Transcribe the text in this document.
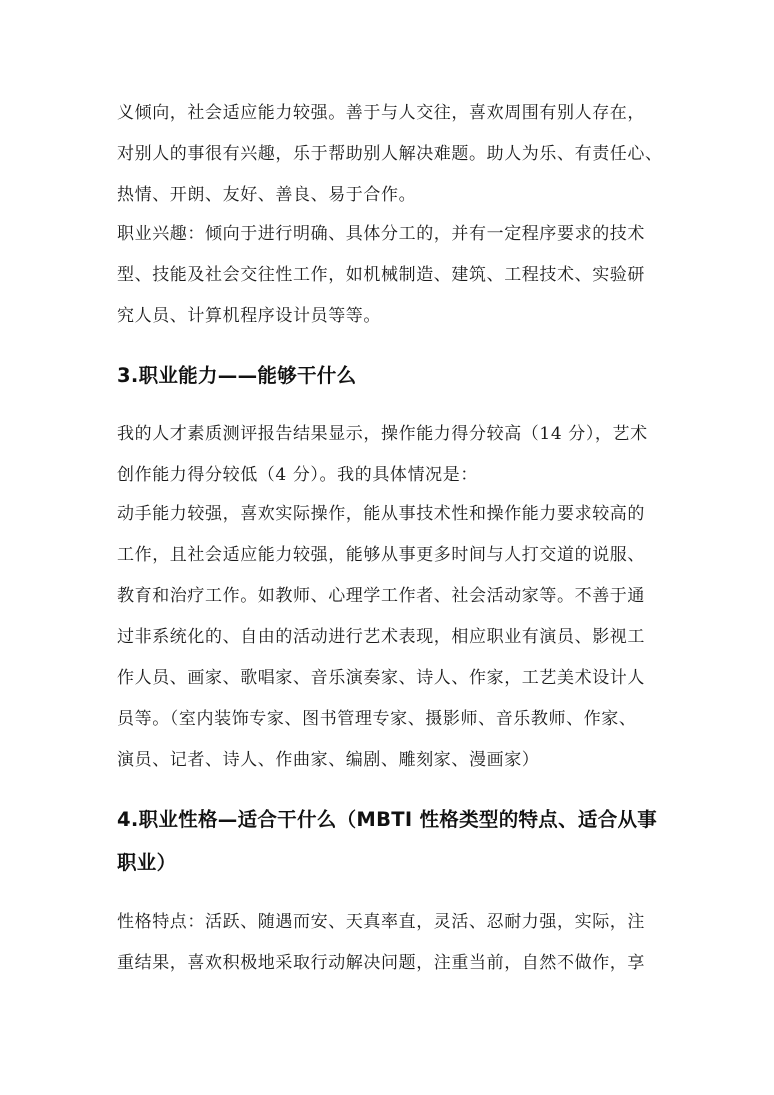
义倾向，社会适应能力较强。善于与人交往，喜欢周围有别人存在，
对别人的事很有兴趣，乐于帮助别人解决难题。助人为乐、有责任心、
热情、开朗、友好、善良、易于合作。
职业兴趣：倾向于进行明确、具体分工的，并有一定程序要求的技术
型、技能及社会交往性工作，如机械制造、建筑、工程技术、实验研
究人员、计算机程序设计员等等。
3.职业能力——能够干什么
我的人才素质测评报告结果显示，操作能力得分较高（14 分），艺术
创作能力得分较低（4 分）。我的具体情况是：
动手能力较强，喜欢实际操作，能从事技术性和操作能力要求较高的
工作，且社会适应能力较强，能够从事更多时间与人打交道的说服、
教育和治疗工作。如教师、心理学工作者、社会活动家等。不善于通
过非系统化的、自由的活动进行艺术表现，相应职业有演员、影视工
作人员、画家、歌唱家、音乐演奏家、诗人、作家，工艺美术设计人
员等。（室内装饰专家、图书管理专家、摄影师、音乐教师、作家、
演员、记者、诗人、作曲家、编剧、雕刻家、漫画家）
4.职业性格—适合干什么（MBTI 性格类型的特点、适合从事
职业）
性格特点：活跃、随遇而安、天真率直，灵活、忍耐力强，实际，注
重结果，喜欢积极地采取行动解决问题，注重当前，自然不做作，享
